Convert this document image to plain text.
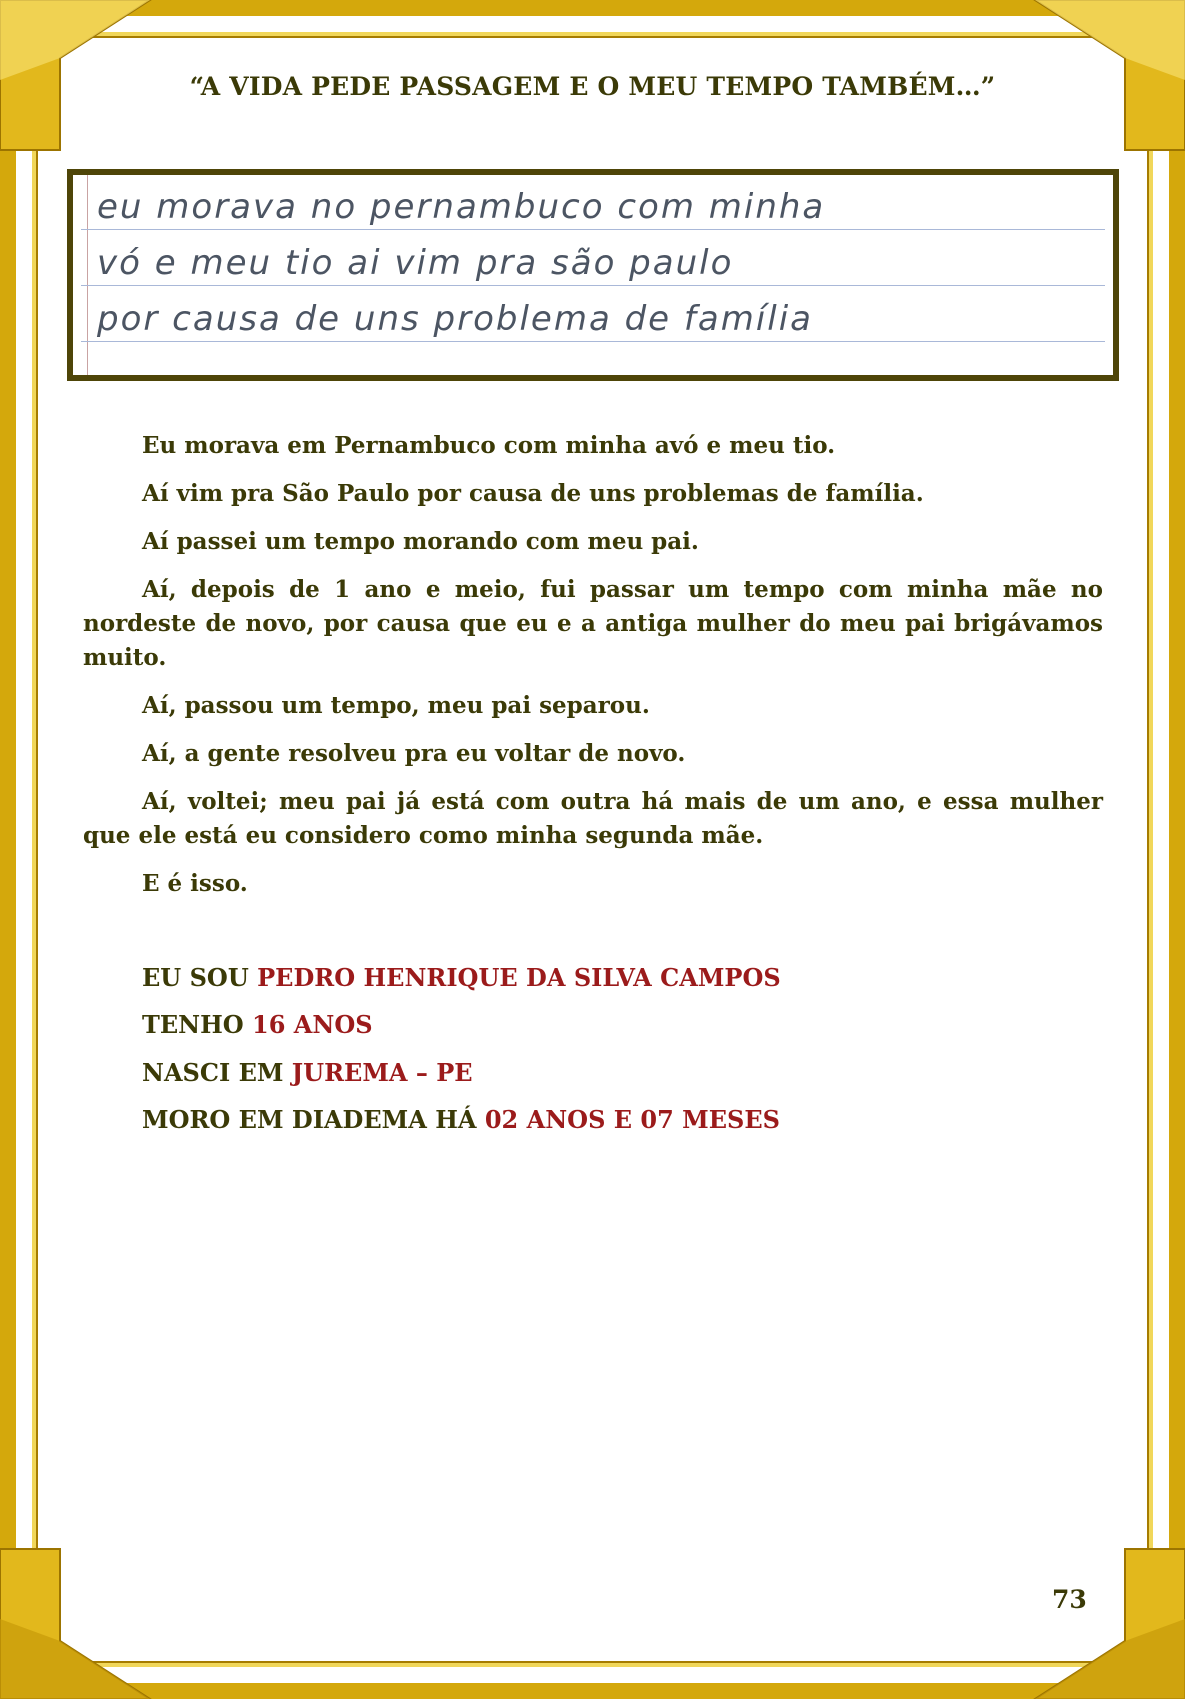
“A VIDA PEDE PASSAGEM E O MEU TEMPO TAMBÉM…”
eu morava no pernambuco com minha
vó e meu tio ai vim pra são paulo
por causa de uns problema de família

Eu morava em Pernambuco com minha avó e meu tio.

Aí vim pra São Paulo por causa de uns problemas de família.

Aí passei um tempo morando com meu pai.

Aí, depois de 1 ano e meio, fui passar um tempo com minha mãe no nordeste de novo, por causa que eu e a antiga mulher do meu pai brigávamos muito.

Aí, passou um tempo, meu pai separou.

Aí, a gente resolveu pra eu voltar de novo.

Aí, voltei; meu pai já está com outra há mais de um ano, e essa mulher que ele está eu considero como minha segunda mãe.

E é isso.

EU SOU PEDRO HENRIQUE DA SILVA CAMPOS
TENHO 16 ANOS
NASCI EM JUREMA – PE
MORO EM DIADEMA HÁ 02 ANOS E 07 MESES
73
